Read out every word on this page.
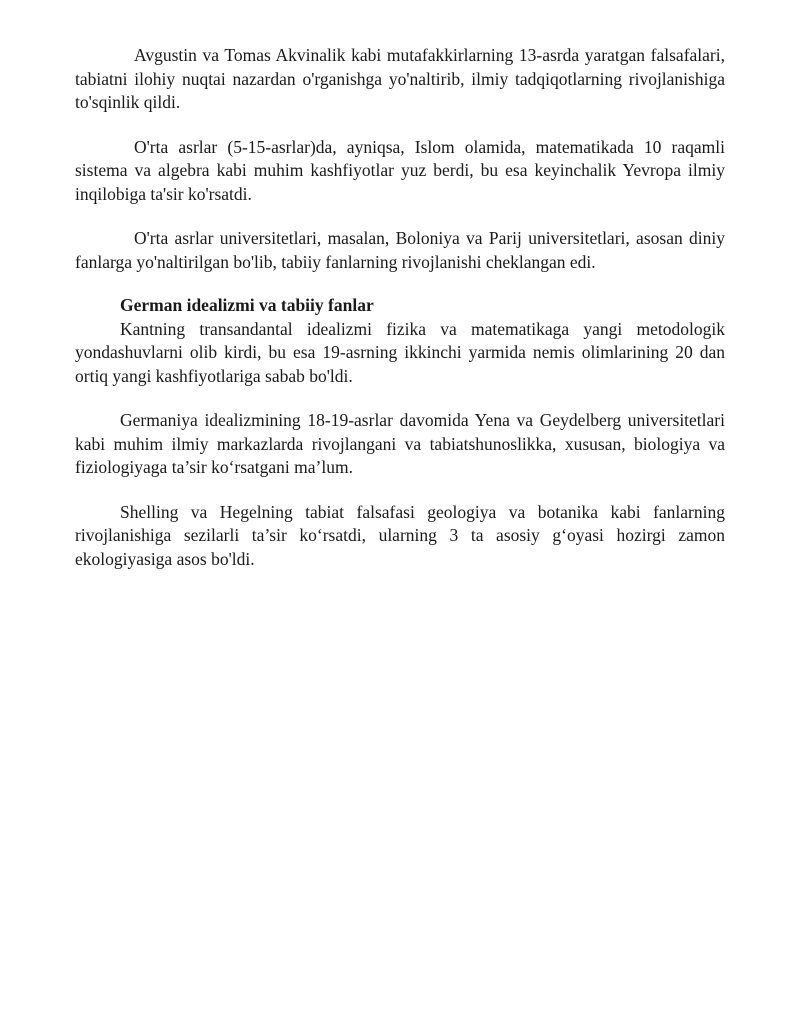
Avgustin va Tomas Akvinalik kabi mutafakkirlarning 13-asrda yaratgan falsafalari, tabiatni ilohiy nuqtai nazardan o'rganishga yo'naltirib, ilmiy tadqiqotlarning rivojlanishiga to'sqinlik qildi.

O'rta asrlar (5-15-asrlar)da, ayniqsa, Islom olamida, matematikada 10 raqamli sistema va algebra kabi muhim kashfiyotlar yuz berdi, bu esa keyinchalik Yevropa ilmiy inqilobiga ta'sir ko'rsatdi.

O'rta asrlar universitetlari, masalan, Boloniya va Parij universitetlari, asosan diniy fanlarga yo'naltirilgan bo'lib, tabiiy fanlarning rivojlanishi cheklangan edi.

German idealizmi va tabiiy fanlar

Kantning transandantal idealizmi fizika va matematikaga yangi metodologik yondashuvlarni olib kirdi, bu esa 19-asrning ikkinchi yarmida nemis olimlarining 20 dan ortiq yangi kashfiyotlariga sabab bo'ldi.

Germaniya idealizmining 18-19-asrlar davomida Yena va Geydelberg universitetlari kabi muhim ilmiy markazlarda rivojlangani va tabiatshunoslikka, xususan, biologiya va fiziologiyaga ta’sir ko‘rsatgani ma’lum.

Shelling va Hegelning tabiat falsafasi geologiya va botanika kabi fanlarning rivojlanishiga sezilarli ta’sir ko‘rsatdi, ularning 3 ta asosiy g‘oyasi hozirgi zamon ekologiyasiga asos bo'ldi.
